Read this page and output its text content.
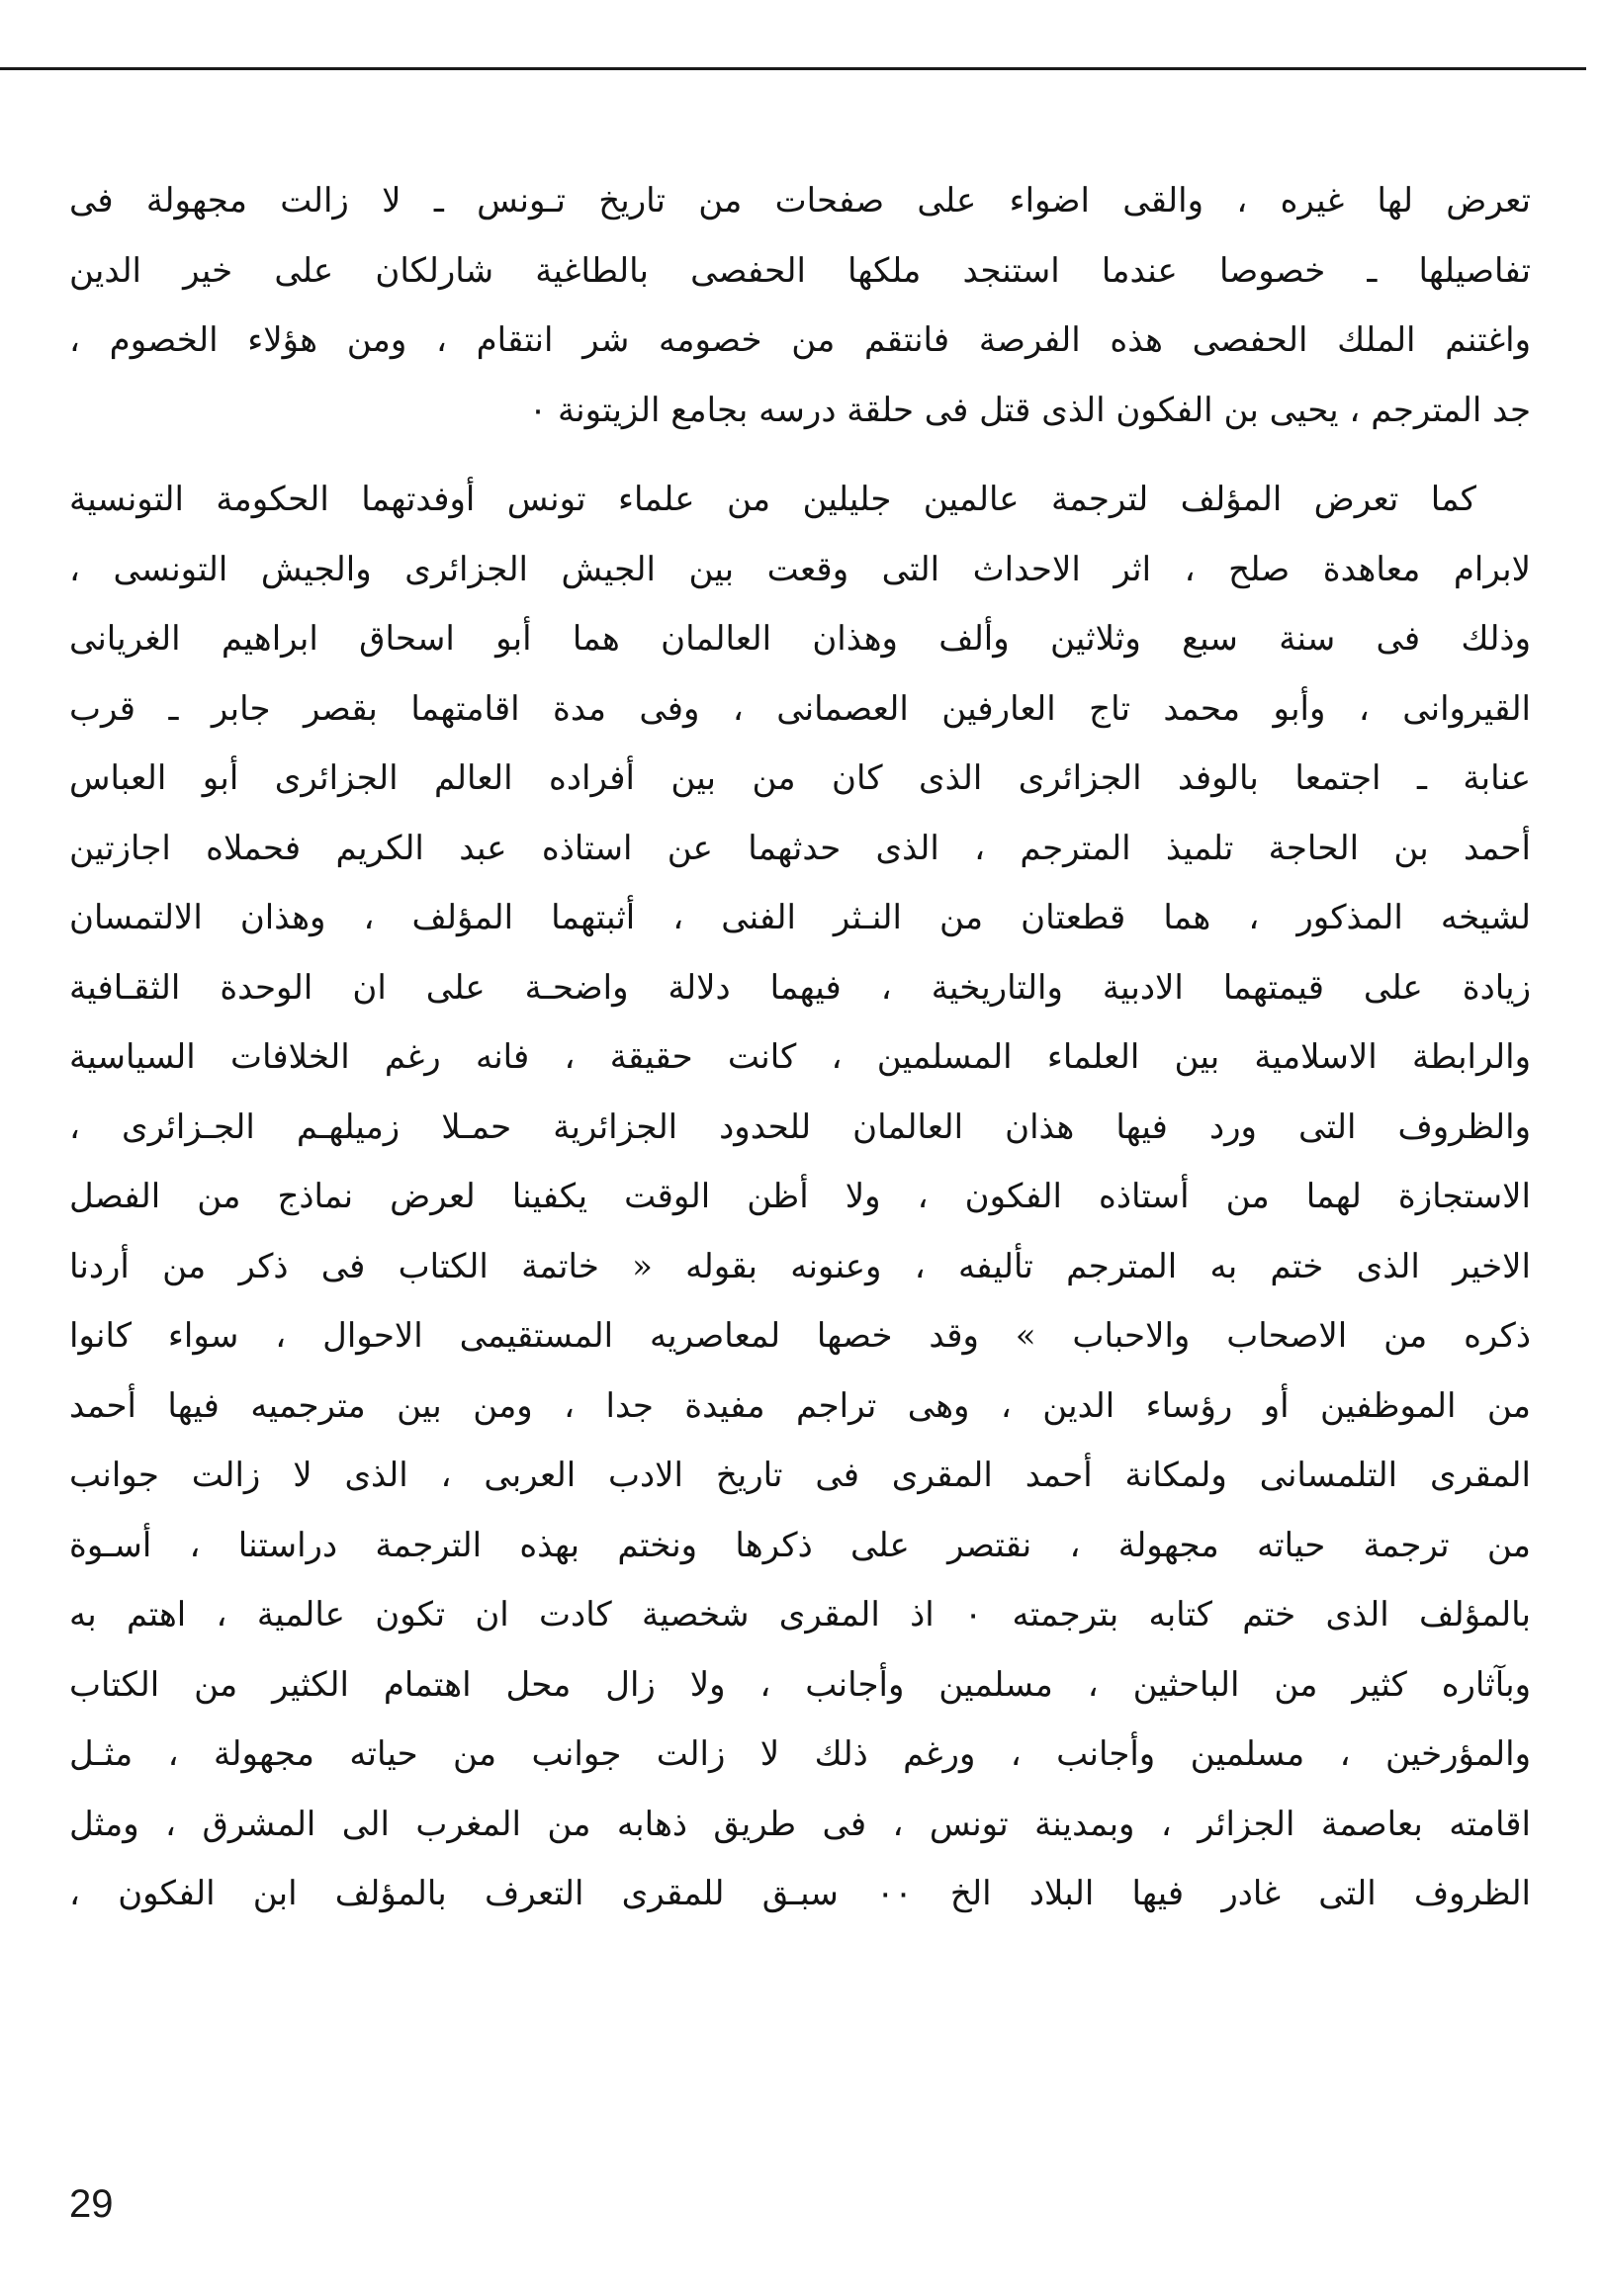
تعرض لها غيره ، والقى اضواء على صفحات من تاريخ تـونس ـ لا زالت مجهولة فى
تفاصيلها ـ خصوصا عندما استنجد ملكها الحفصى بالطاغية شارلكان على خير الدين
واغتنم الملك الحفصى هذه الفرصة فانتقم من خصومه شر انتقام ، ومن هؤلاء الخصوم ،
جد المترجم ، يحيى بن الفكون الذى قتل فى حلقة درسه بجامع الزيتونة ٠
كما تعرض المؤلف لترجمة عالمين جليلين من علماء تونس أوفدتهما الحكومة التونسية
لابرام معاهدة صلح ، اثر الاحداث التى وقعت بين الجيش الجزائرى والجيش التونسى ،
وذلك فى سنة سبع وثلاثين وألف وهذان العالمان هما أبو اسحاق ابراهيم الغريانى
القيروانى ، وأبو محمد تاج العارفين العصمانى ، وفى مدة اقامتهما بقصر جابر ـ قرب
عنابة ـ اجتمعا بالوفد الجزائرى الذى كان من بين أفراده العالم الجزائرى أبو العباس
أحمد بن الحاجة تلميذ المترجم ، الذى حدثهما عن استاذه عبد الكريم فحملاه اجازتين
لشيخه المذكور ، هما قطعتان من النـثر الفنى ، أثبتهما المؤلف ، وهذان الالتمسان
زيادة على قيمتهما الادبية والتاريخية ، فيهما دلالة واضحـة على ان الوحدة الثقـافية
والرابطة الاسلامية بين العلماء المسلمين ، كانت حقيقة ، فانه رغم الخلافات السياسية
والظروف التى ورد فيها هذان العالمان للحدود الجزائرية حمـلا زميلهـم الجـزائرى ،
الاستجازة لهما من أستاذه الفكون ، ولا أظن الوقت يكفينا لعرض نماذج من الفصل
الاخير الذى ختم به المترجم تأليفه ، وعنونه بقوله « خاتمة الكتاب فى ذكر من أردنا
ذكره من الاصحاب والاحباب » وقد خصها لمعاصريه المستقيمى الاحوال ، سواء كانوا
من الموظفين أو رؤساء الدين ، وهى تراجم مفيدة جدا ، ومن بين مترجميه فيها أحمد
المقرى التلمسانى ولمكانة أحمد المقرى فى تاريخ الادب العربى ، الذى لا زالت جوانب
من ترجمة حياته مجهولة ، نقتصر على ذكرها ونختم بهذه الترجمة دراستنا ، أسـوة
بالمؤلف الذى ختم كتابه بترجمته ٠ اذ المقرى شخصية كادت ان تكون عالمية ، اهتم به
وبآثاره كثير من الباحثين ، مسلمين وأجانب ، ولا زال محل اهتمام الكثير من الكتاب
والمؤرخين ، مسلمين وأجانب ، ورغم ذلك لا زالت جوانب من حياته مجهولة ، مثـل
اقامته بعاصمة الجزائر ، وبمدينة تونس ، فى طريق ذهابه من المغرب الى المشرق ، ومثل
الظروف التى غادر فيها البلاد الخ ٠٠ سبـق للمقرى التعرف بالمؤلف ابن الفكون ،
29
